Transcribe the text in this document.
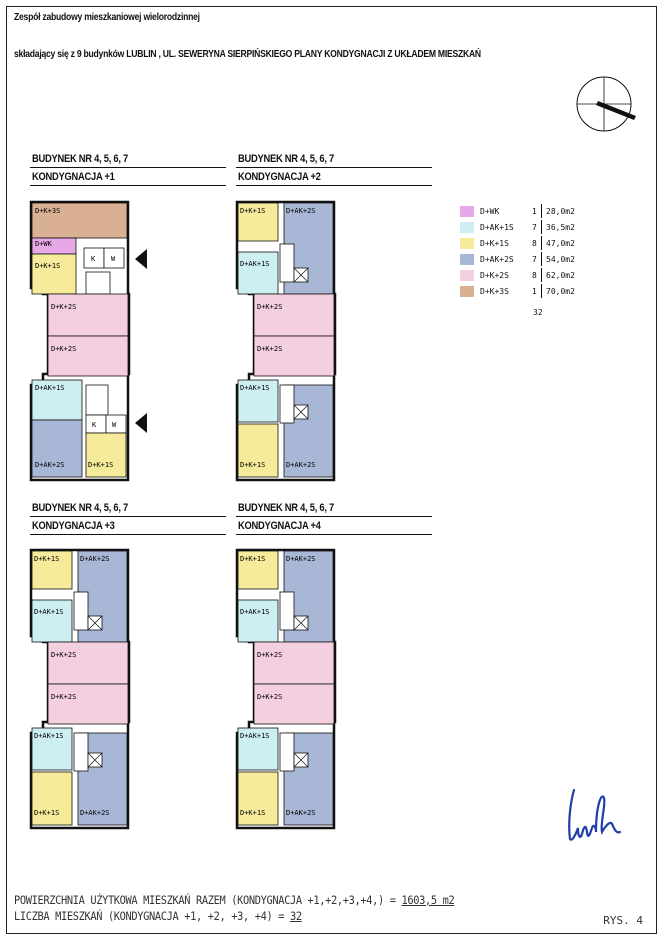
Zespół zabudowy mieszkaniowej wielorodzinnej
składający się z 9 budynków LUBLIN , UL. SEWERYNA SIERPIŃSKIEGO PLANY KONDYGNACJI Z UKŁADEM MIESZKAŃ
BUDYNEK NR 4, 5, 6, 7
KONDYGNACJA +1
BUDYNEK NR 4, 5, 6, 7
KONDYGNACJA +2
BUDYNEK NR 4, 5, 6, 7
KONDYGNACJA +3
BUDYNEK NR 4, 5, 6, 7
KONDYGNACJA +4
D+K+3S
D+WK
D+K+1S
K W
D+K+2S
D+K+2S
D+AK+1S
K W
D+AK+2S	D+K+1S
D+K+1S	D+AK+2S
D+AK+1S
D+K+2S
D+K+2S
D+AK+1S
D+K+1S	D+AK+2S
D+K+1S	D+AK+2S
D+AK+1S
D+K+2S
D+K+2S
D+AK+1S
D+K+1S	D+AK+2S
D+K+1S	D+AK+2S
D+AK+1S
D+K+2S
D+K+2S
D+AK+1S
D+K+1S	D+AK+2S
D+WK	1 28,0m2
D+AK+1S 7 36,5m2
D+K+1S	8 47,0m2
D+AK+2S 7 54,0m2
D+K+2S	8 62,0m2
D+K+3S	1 70,0m2
32
POWIERZCHNIA UŻYTKOWA MIESZKAŃ RAZEM (KONDYGNACJA +1,+2,+3,+4,) = 1603,5 m2
LICZBA MIESZKAŃ (KONDYGNACJA +1, +2, +3, +4) = 32	RYS. 4
